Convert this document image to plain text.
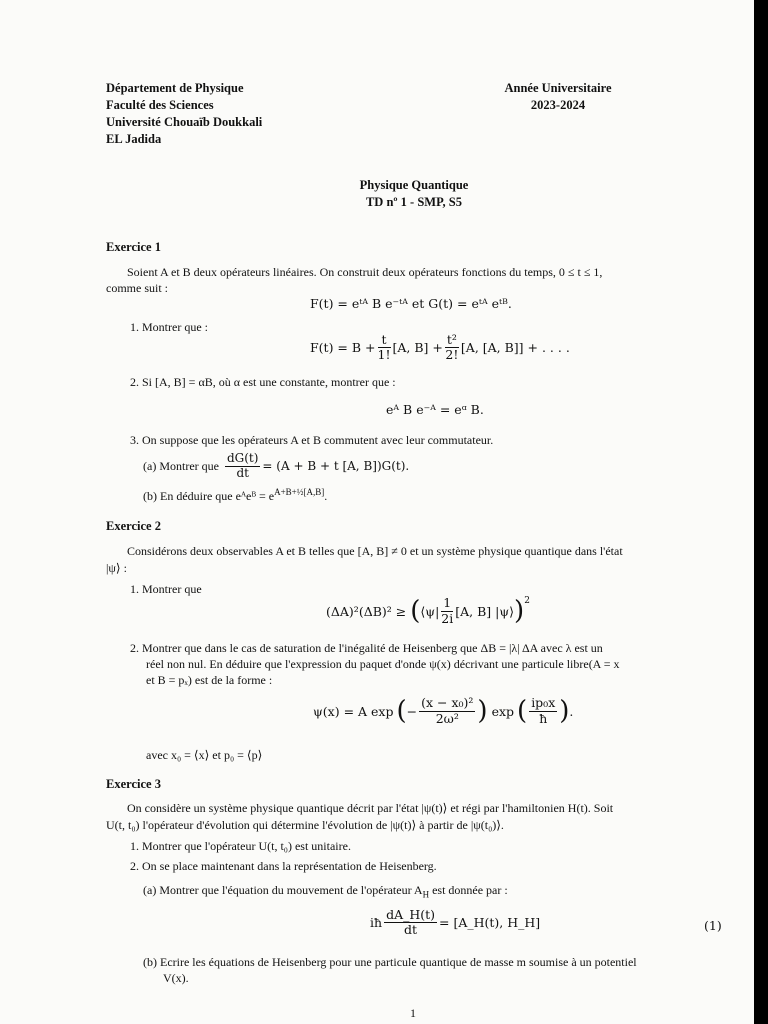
Département de Physique
Faculté des Sciences
Université Chouaïb Doukkali
EL Jadida
Année Universitaire
2023-2024
Physique Quantique
TD nº 1 - SMP, S5
Exercice 1
Soient A et B deux opérateurs linéaires. On construit deux opérateurs fonctions du temps, 0 ≤ t ≤ 1,
comme suit :
F(t) = eᵗᴬ B e⁻ᵗᴬ et G(t) = eᵗᴬ eᵗᴮ.
1. Montrer que :
$F(t) = B + \frac{t}{1!} [A$, $B] + \frac{\text{t²}}{2!} [A$, [A, B]] + . . . .
2. Si [A, B] = αB, où α est une constante, montrer que :
eᴬ B e⁻ᴬ = eᵅ B.
3. On suppose que les opérateurs A et B commutent avec leur commutateur.
(a) Montrer que $\frac{dG(t)}{dt} = (A + B + t$ [A, B])G(t).
(b) En déduire que eᴬeᴮ = $e^{A+B+\frac{1}{2}[A,B]}$.
Exercice 2
Considérons deux observables A et B telles que [A, B] ≠ 0 et un système physique quantique dans l'état
|ψ⟩ :
1. Montrer que
(ΔA)²(ΔB)² ≥ ( ⟨ψ| $\frac{1}{2i} [A$, B] |ψ⟩ ) 2
2. Montrer que dans le cas de saturation de l'inégalité de Heisenberg que ΔB = |λ| ΔA avec λ est un
réel non nul. En déduire que l'expression du paquet d'onde ψ(x) décrivant une particule libre(A = x
et B = pₓ) est de la forme :
ψ(x) = A exp ( − $\frac{\text{(x − x₀)²}}{\text{2ω²}}$ ) exp ( $\frac{\text{ip₀x}}{ħ}$ ) .
avec x₀ = ⟨x⟩ et p₀ = ⟨p⟩
Exercice 3
On considère un système physique quantique décrit par l'état |ψ(t)⟩ et régi par l'hamiltonien H(t). Soit
U(t, t₀) l'opérateur d'évolution qui détermine l'évolution de |ψ(t)⟩ à partir de |ψ(t₀)⟩.
1. Montrer que l'opérateur U(t, t₀) est unitaire.
2. On se place maintenant dans la représentation de Heisenberg.
(a) Montrer que l'équation du mouvement de l'opérateur $A_H$ est donnée par :
iħ $\frac{dA\_H(t)}{dt}$ = [A_H(t), H_H]	(1)
(b) Ecrire les équations de Heisenberg pour une particule quantique de masse m soumise à un potentiel
V(x).
1
